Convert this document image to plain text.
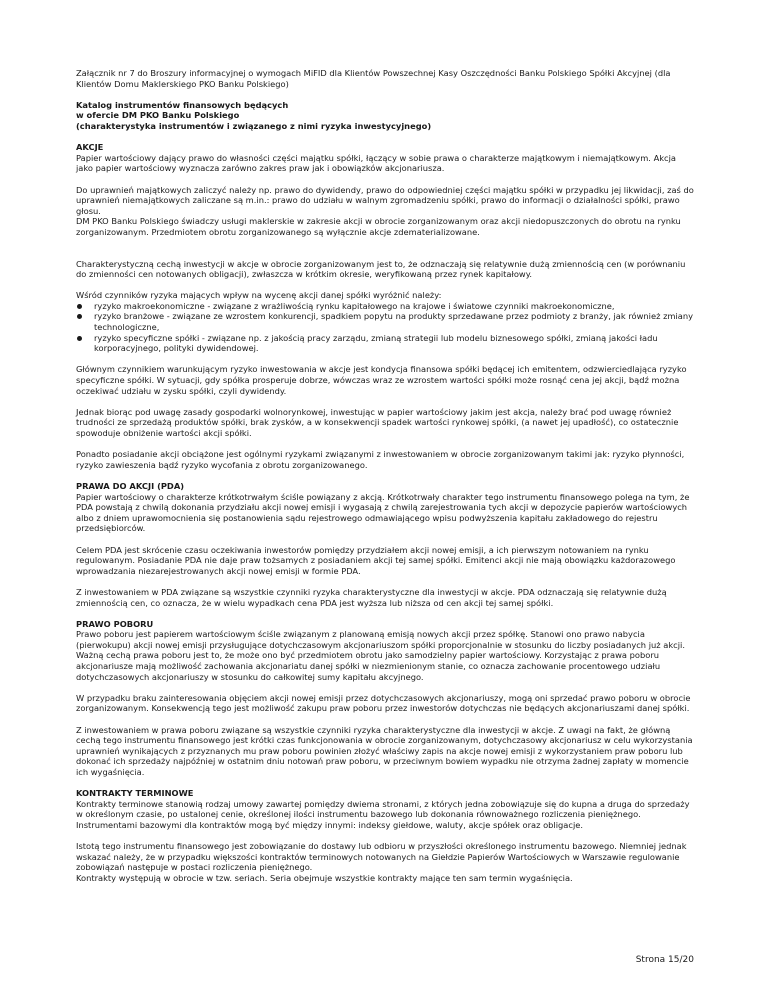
Załącznik nr 7 do Broszury informacyjnej o wymogach MiFID dla Klientów Powszechnej Kasy Oszczędności Banku Polskiego Spółki Akcyjnej (dla Klientów Domu Maklerskiego PKO Banku Polskiego)

Katalog instrumentów finansowych będących

w ofercie DM PKO Banku Polskiego

(charakterystyka instrumentów i związanego z nimi ryzyka inwestycyjnego)

AKCJE

Papier wartościowy dający prawo do własności części majątku spółki, łączący w sobie prawa o charakterze majątkowym i niemajątkowym. Akcja jako papier wartościowy wyznacza zarówno zakres praw jak i obowiązków akcjonariusza.

Do uprawnień majątkowych zaliczyć należy np. prawo do dywidendy, prawo do odpowiedniej części majątku spółki w przypadku jej likwidacji, zaś do uprawnień niemajątkowych zaliczane są m.in.: prawo do udziału w walnym zgromadzeniu spółki, prawo do informacji o działalności spółki, prawo głosu.

DM PKO Banku Polskiego świadczy usługi maklerskie w zakresie akcji w obrocie zorganizowanym oraz akcji niedopuszczonych do obrotu na rynku zorganizowanym. Przedmiotem obrotu zorganizowanego są wyłącznie akcje zdematerializowane.

Charakterystyczną cechą inwestycji w akcje w obrocie zorganizowanym jest to, że odznaczają się relatywnie dużą zmiennością cen (w porównaniu do zmienności cen notowanych obligacji), zwłaszcza w krótkim okresie, weryfikowaną przez rynek kapitałowy.

Wśród czynników ryzyka mających wpływ na wycenę akcji danej spółki wyróżnić należy:

ryzyko makroekonomiczne - związane z wrażliwością rynku kapitałowego na krajowe i światowe czynniki makroekonomiczne,
ryzyko branżowe - związane ze wzrostem konkurencji, spadkiem popytu na produkty sprzedawane przez podmioty z branży, jak również zmiany technologiczne,
ryzyko specyficzne spółki - związane np. z jakością pracy zarządu, zmianą strategii lub modelu biznesowego spółki, zmianą jakości ładu korporacyjnego, polityki dywidendowej.

Głównym czynnikiem warunkującym ryzyko inwestowania w akcje jest kondycja finansowa spółki będącej ich emitentem, odzwierciedlająca ryzyko specyficzne spółki. W sytuacji, gdy spółka prosperuje dobrze, wówczas wraz ze wzrostem wartości spółki może rosnąć cena jej akcji, bądź można oczekiwać udziału w zysku spółki, czyli dywidendy.

Jednak biorąc pod uwagę zasady gospodarki wolnorynkowej, inwestując w papier wartościowy jakim jest akcja, należy brać pod uwagę również trudności ze sprzedażą produktów spółki, brak zysków, a w konsekwencji spadek wartości rynkowej spółki, (a nawet jej upadłość), co ostatecznie spowoduje obniżenie wartości akcji spółki.

Ponadto posiadanie akcji obciążone jest ogólnymi ryzykami związanymi z inwestowaniem w obrocie zorganizowanym takimi jak: ryzyko płynności, ryzyko zawieszenia bądź ryzyko wycofania z obrotu zorganizowanego.

PRAWA DO AKCJI (PDA)

Papier wartościowy o charakterze krótkotrwałym ściśle powiązany z akcją. Krótkotrwały charakter tego instrumentu finansowego polega na tym, że PDA powstają z chwilą dokonania przydziału akcji nowej emisji i wygasają z chwilą zarejestrowania tych akcji w depozycie papierów wartościowych albo z dniem uprawomocnienia się postanowienia sądu rejestrowego odmawiającego wpisu podwyższenia kapitału zakładowego do rejestru przedsiębiorców.

Celem PDA jest skrócenie czasu oczekiwania inwestorów pomiędzy przydziałem akcji nowej emisji, a ich pierwszym notowaniem na rynku regulowanym. Posiadanie PDA nie daje praw tożsamych z posiadaniem akcji tej samej spółki. Emitenci akcji nie mają obowiązku każdorazowego wprowadzania niezarejestrowanych akcji nowej emisji w formie PDA.

Z inwestowaniem w PDA związane są wszystkie czynniki ryzyka charakterystyczne dla inwestycji w akcje. PDA odznaczają się relatywnie dużą zmiennością cen, co oznacza, że w wielu wypadkach cena PDA jest wyższa lub niższa od cen akcji tej samej spółki.

PRAWO POBORU

Prawo poboru jest papierem wartościowym ściśle związanym z planowaną emisją nowych akcji przez spółkę. Stanowi ono prawo nabycia (pierwokupu) akcji nowej emisji przysługujące dotychczasowym akcjonariuszom spółki proporcjonalnie w stosunku do liczby posiadanych już akcji. Ważną cechą prawa poboru jest to, że może ono być przedmiotem obrotu jako samodzielny papier wartościowy. Korzystając z prawa poboru akcjonariusze mają możliwość zachowania akcjonariatu danej spółki w niezmienionym stanie, co oznacza zachowanie procentowego udziału dotychczasowych akcjonariuszy w stosunku do całkowitej sumy kapitału akcyjnego.

W przypadku braku zainteresowania objęciem akcji nowej emisji przez dotychczasowych akcjonariuszy, mogą oni sprzedać prawo poboru w obrocie zorganizowanym. Konsekwencją tego jest możliwość zakupu praw poboru przez inwestorów dotychczas nie będących akcjonariuszami danej spółki.

Z inwestowaniem w prawa poboru związane są wszystkie czynniki ryzyka charakterystyczne dla inwestycji w akcje. Z uwagi na fakt, że główną cechą tego instrumentu finansowego jest krótki czas funkcjonowania w obrocie zorganizowanym, dotychczasowy akcjonariusz w celu wykorzystania uprawnień wynikających z przyznanych mu praw poboru powinien złożyć właściwy zapis na akcje nowej emisji z wykorzystaniem praw poboru lub dokonać ich sprzedaży najpóźniej w ostatnim dniu notowań praw poboru, w przeciwnym bowiem wypadku nie otrzyma żadnej zapłaty w momencie ich wygaśnięcia.

KONTRAKTY TERMINOWE

Kontrakty terminowe stanowią rodzaj umowy zawartej pomiędzy dwiema stronami, z których jedna zobowiązuje się do kupna a druga do sprzedaży w określonym czasie, po ustalonej cenie, określonej ilości instrumentu bazowego lub dokonania równoważnego rozliczenia pieniężnego. Instrumentami bazowymi dla kontraktów mogą być między innymi: indeksy giełdowe, waluty, akcje spółek oraz obligacje.

Istotą tego instrumentu finansowego jest zobowiązanie do dostawy lub odbioru w przyszłości określonego instrumentu bazowego. Niemniej jednak wskazać należy, że w przypadku większości kontraktów terminowych notowanych na Giełdzie Papierów Wartościowych w Warszawie regulowanie zobowiązań następuje w postaci rozliczenia pieniężnego.

Kontrakty występują w obrocie w tzw. seriach. Seria obejmuje wszystkie kontrakty mające ten sam termin wygaśnięcia.

Strona 15/20
